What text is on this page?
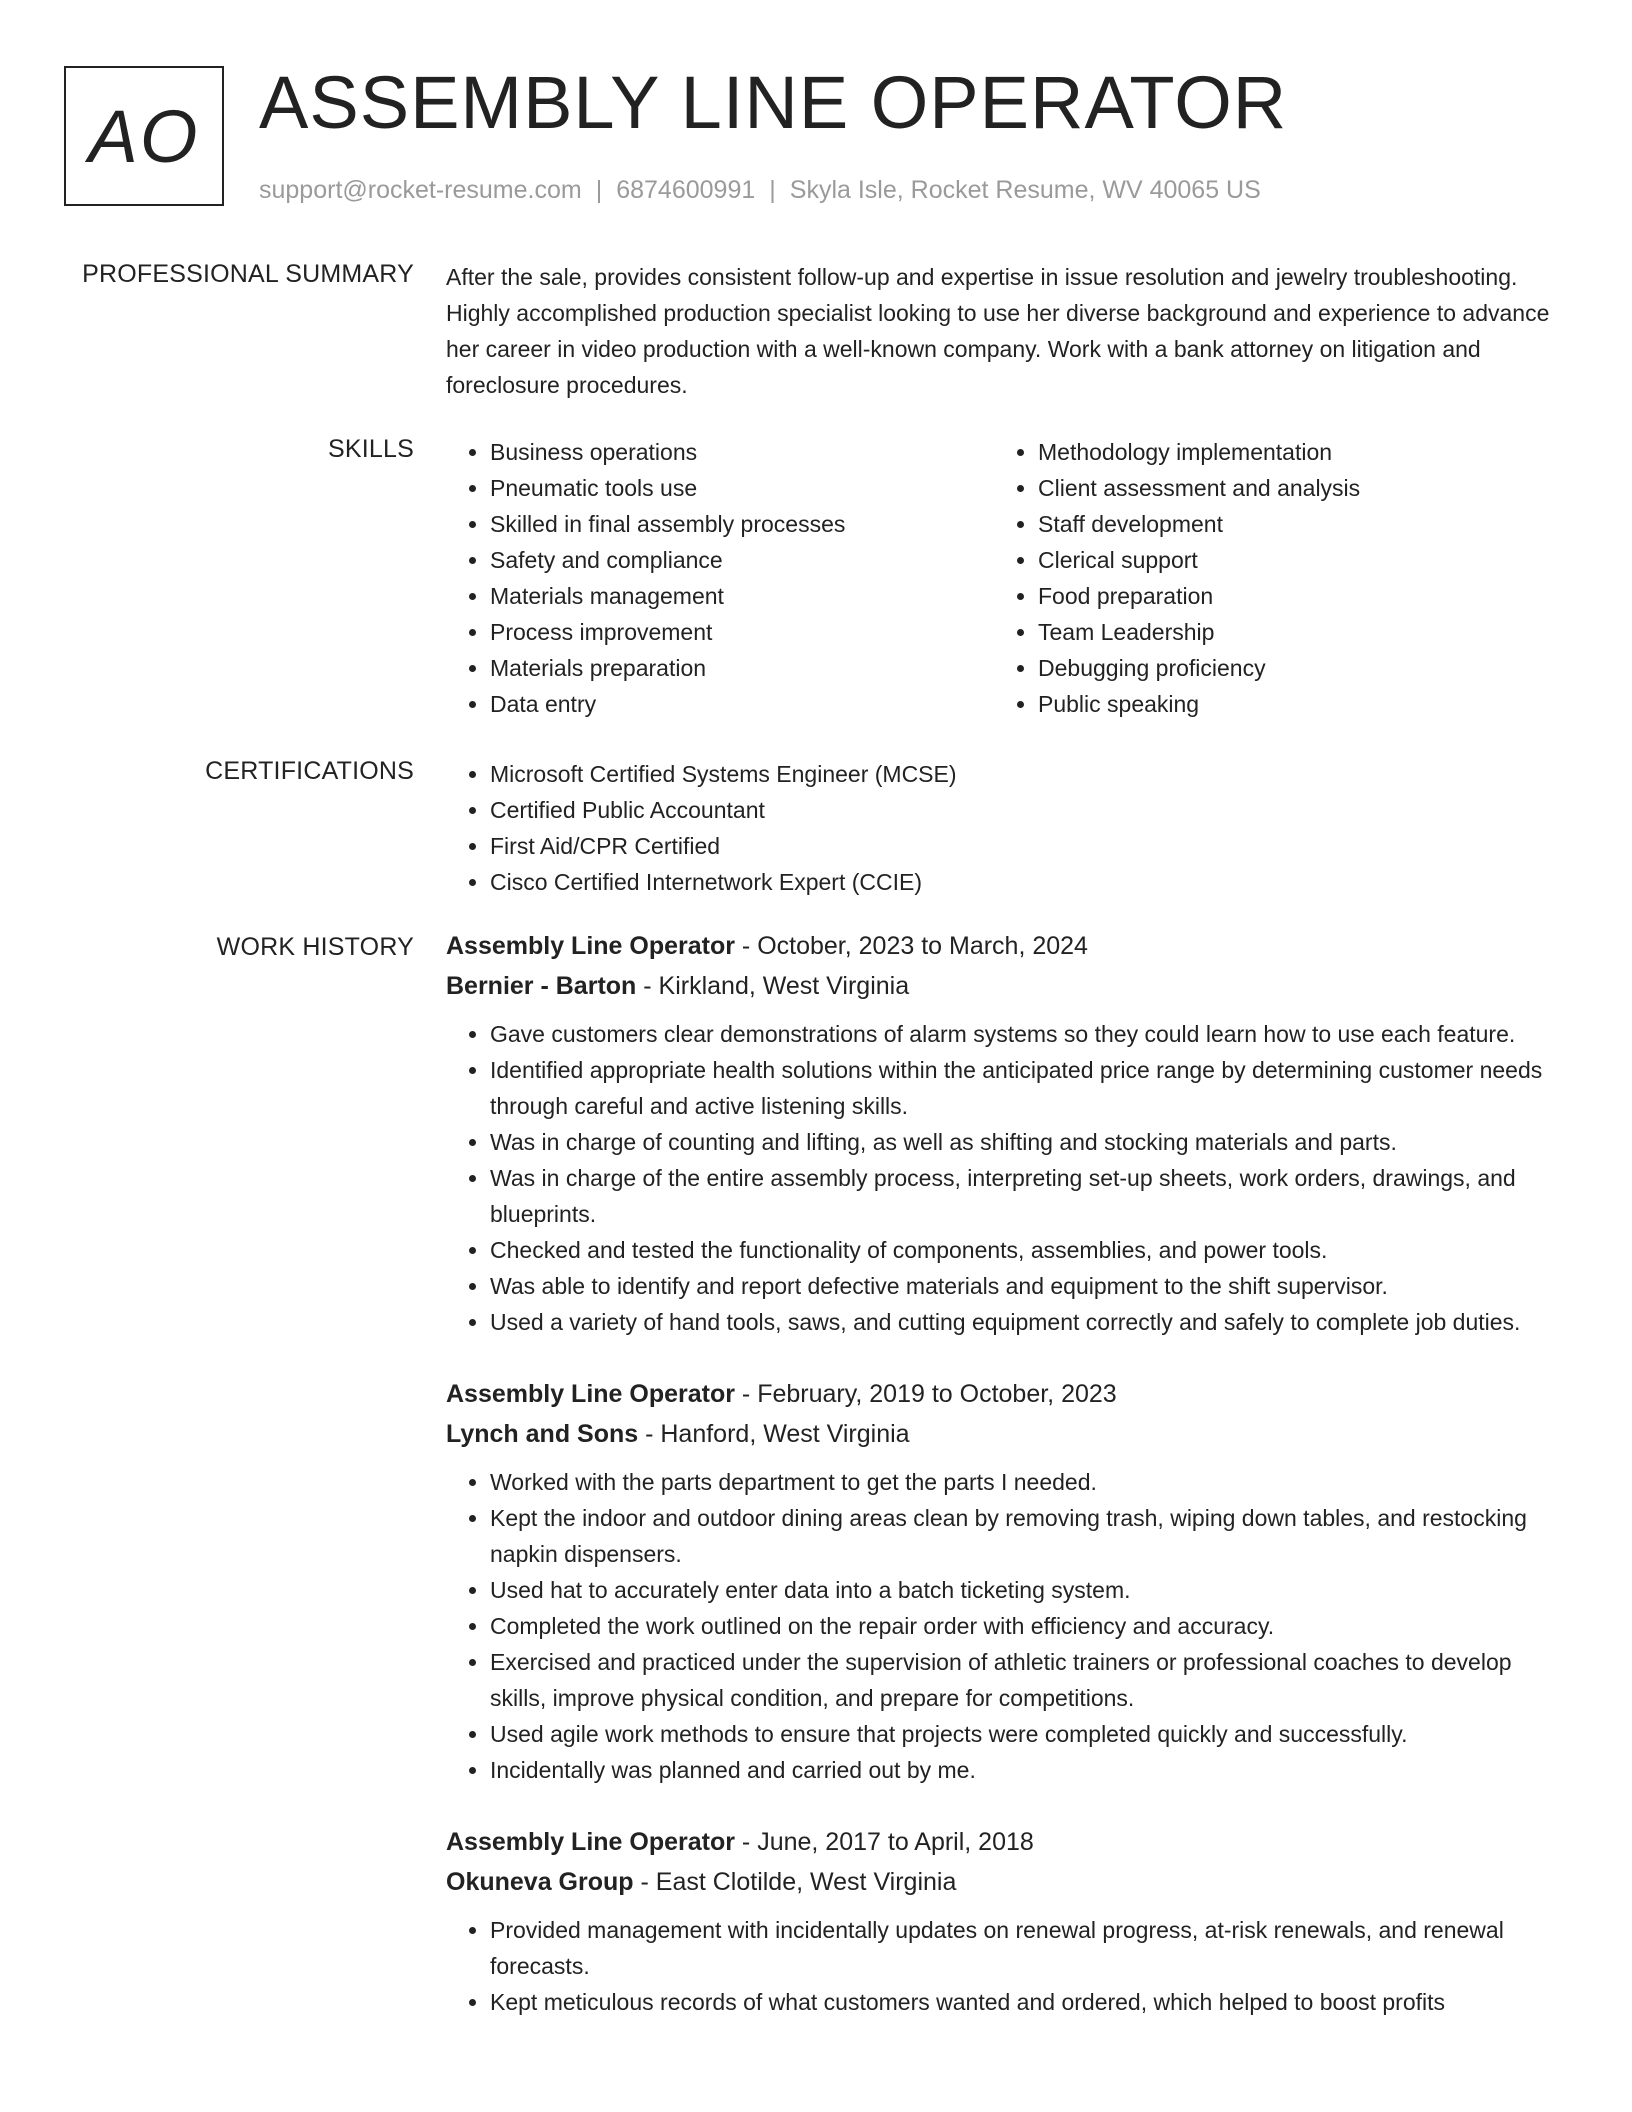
AO ASSEMBLY LINE OPERATOR
support@rocket-resume.com | 6874600991 | Skyla Isle, Rocket Resume, WV 40065 US
PROFESSIONAL SUMMARY After the sale, provides consistent follow-up and expertise in issue resolution and jewelry troubleshooting. Highly accomplished production specialist looking to use her diverse background and experience to advance her career in video production with a well-known company. Work with a bank attorney on litigation and foreclosure procedures.

SKILLS	• Business operations
• Pneumatic tools use
• Skilled in final assembly processes
• Safety and compliance
• Materials management
• Process improvement
• Materials preparation
• Data entry
• Methodology implementation
• Client assessment and analysis
• Staff development
• Clerical support
• Food preparation
• Team Leadership
• Debugging proficiency
• Public speaking
CERTIFICATIONS	• Microsoft Certified Systems Engineer (MCSE)
• Certified Public Accountant
• First Aid/CPR Certified
• Cisco Certified Internetwork Expert (CCIE)
WORK HISTORY Assembly Line Operator - October, 2023 to March, 2024
Bernier - Barton - Kirkland, West Virginia
• Gave customers clear demonstrations of alarm systems so they could learn how to use each feature.
• Identified appropriate health solutions within the anticipated price range by determining customer needs through careful and active listening skills.
• Was in charge of counting and lifting, as well as shifting and stocking materials and parts.
• Was in charge of the entire assembly process, interpreting set-up sheets, work orders, drawings, and blueprints.
• Checked and tested the functionality of components, assemblies, and power tools.
• Was able to identify and report defective materials and equipment to the shift supervisor.
• Used a variety of hand tools, saws, and cutting equipment correctly and safely to complete job duties.
Assembly Line Operator - February, 2019 to October, 2023
Lynch and Sons - Hanford, West Virginia
• Worked with the parts department to get the parts I needed.
• Kept the indoor and outdoor dining areas clean by removing trash, wiping down tables, and restocking napkin dispensers.
• Used hat to accurately enter data into a batch ticketing system.
• Completed the work outlined on the repair order with efficiency and accuracy.
• Exercised and practiced under the supervision of athletic trainers or professional coaches to develop skills, improve physical condition, and prepare for competitions.
• Used agile work methods to ensure that projects were completed quickly and successfully.
• Incidentally was planned and carried out by me.
Assembly Line Operator - June, 2017 to April, 2018
Okuneva Group - East Clotilde, West Virginia
• Provided management with incidentally updates on renewal progress, at-risk renewals, and renewal forecasts.
• Kept meticulous records of what customers wanted and ordered, which helped to boost profits
